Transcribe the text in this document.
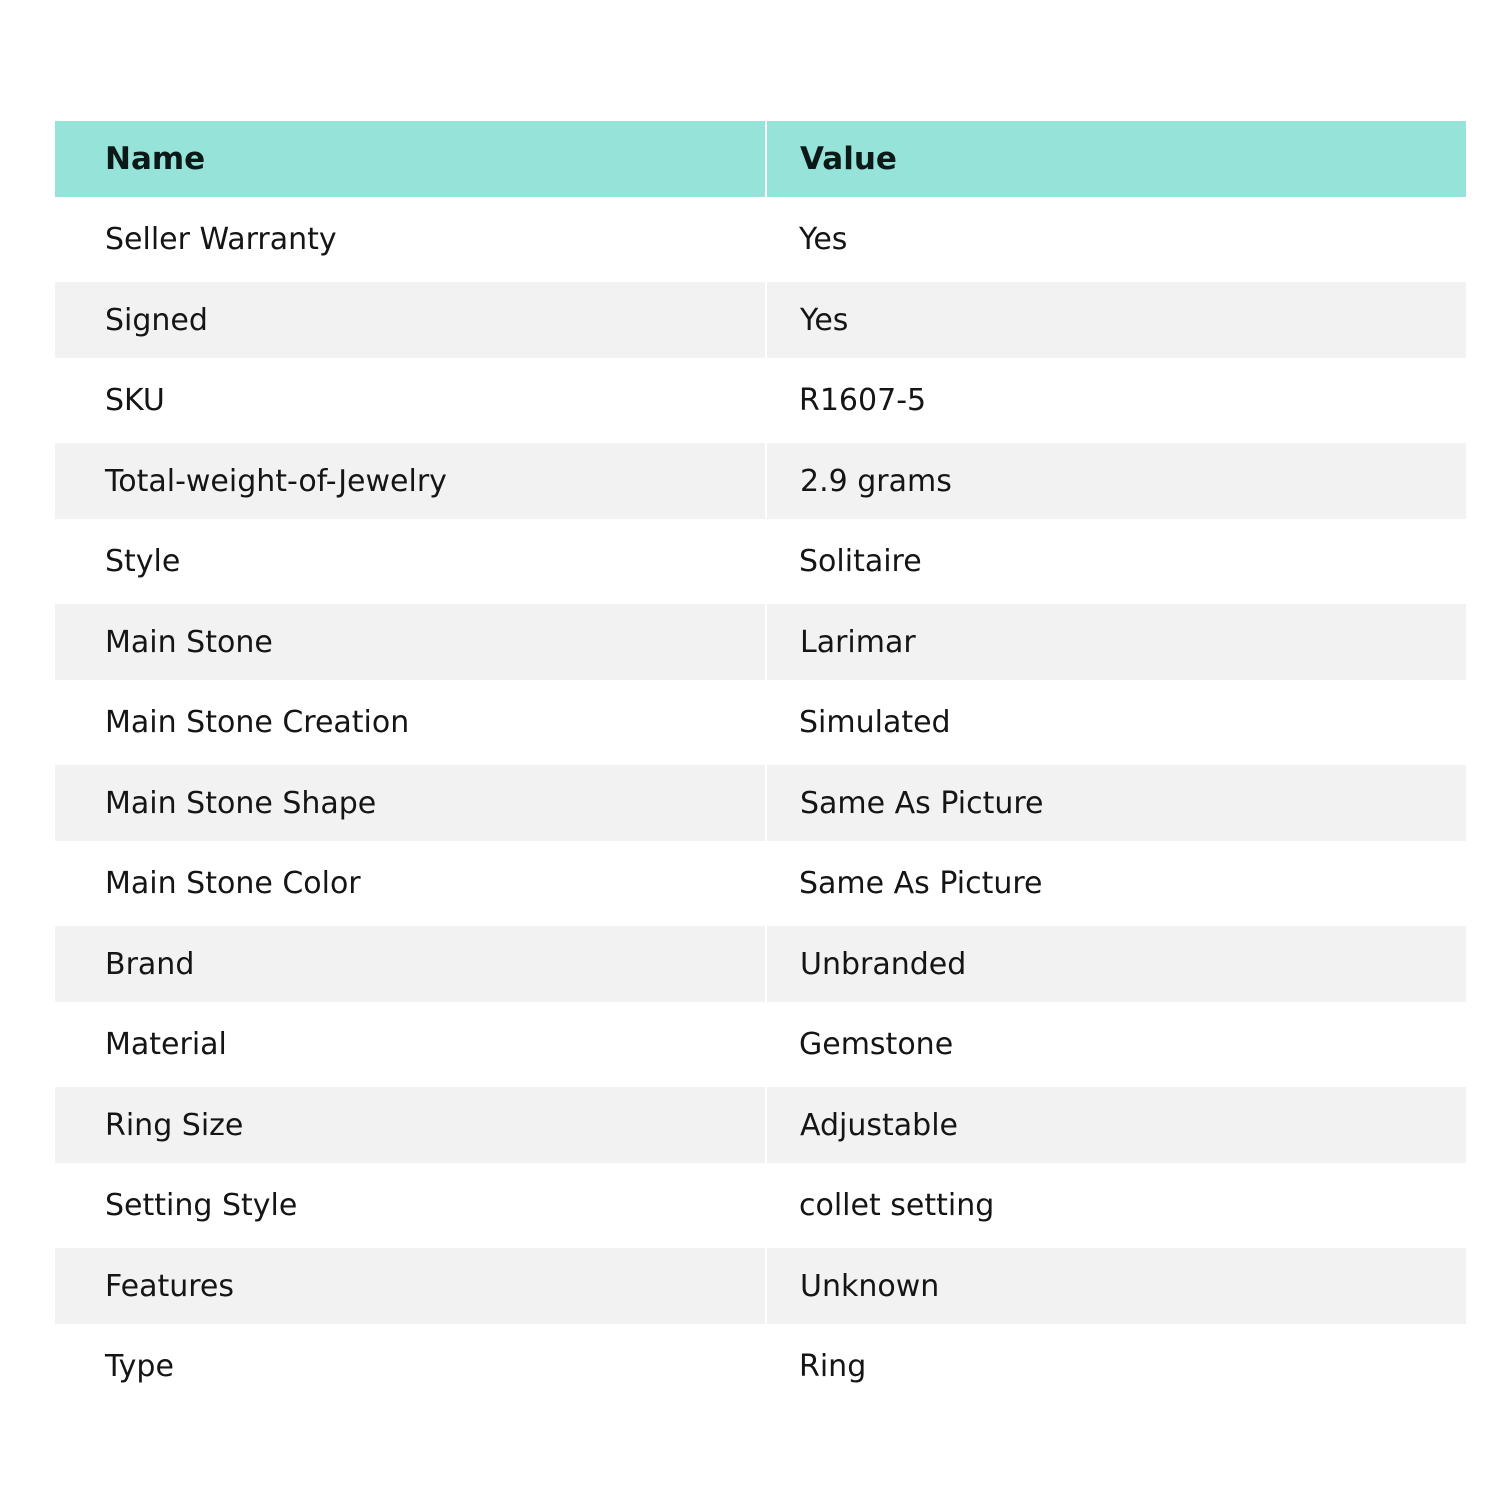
Name	Value
Seller Warranty	Yes
Signed	Yes
SKU	R1607-5
Total-weight-of-Jewelry	2.9 grams
Style	Solitaire
Main Stone	Larimar
Main Stone Creation	Simulated
Main Stone Shape	Same As Picture
Main Stone Color	Same As Picture
Brand	Unbranded
Material	Gemstone
Ring Size	Adjustable
Setting Style	collet setting
Features	Unknown
Type	Ring
